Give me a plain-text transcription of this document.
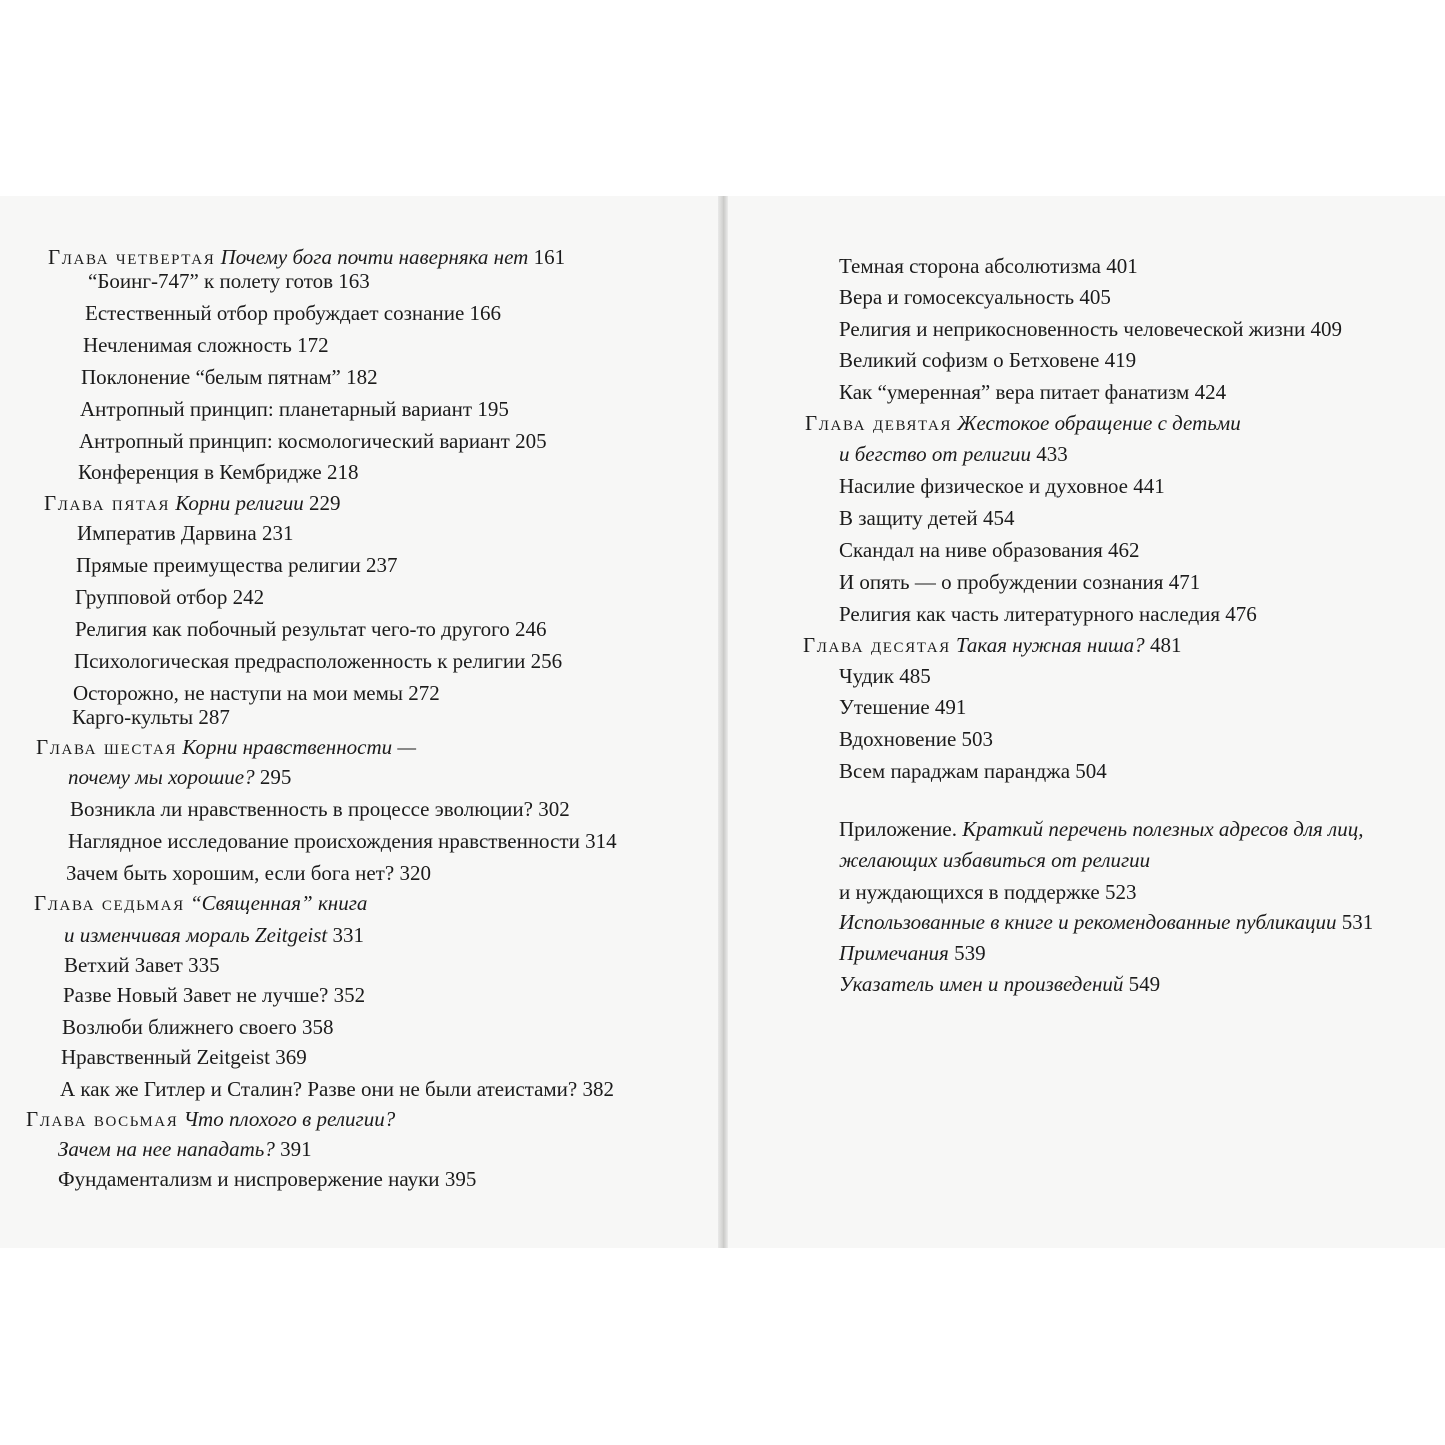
Глава четвертая Почему бога почти наверняка нет 161
“Боинг-747” к полету готов 163
Естественный отбор пробуждает сознание 166
Нечленимая сложность 172
Поклонение “белым пятнам” 182
Антропный принцип: планетарный вариант 195
Антропный принцип: космологический вариант 205
Конференция в Кембридже 218
Глава пятая Корни религии 229
Императив Дарвина 231
Прямые преимущества религии 237
Групповой отбор 242
Религия как побочный результат чего-то другого 246
Психологическая предрасположенность к религии 256
Осторожно, не наступи на мои мемы 272
Карго-культы 287
Глава шестая Корни нравственности —
почему мы хорошие? 295
Возникла ли нравственность в процессе эволюции? 302
Наглядное исследование происхождения нравственности 314
Зачем быть хорошим, если бога нет? 320
Глава седьмая “Священная” книга
и изменчивая мораль Zeitgeist 331
Ветхий Завет 335
Разве Новый Завет не лучше? 352
Возлюби ближнего своего 358
Нравственный Zeitgeist 369
А как же Гитлер и Сталин? Разве они не были атеистами? 382
Глава восьмая Что плохого в религии?
Зачем на нее нападать? 391
Фундаментализм и ниспровержение науки 395
Темная сторона абсолютизма 401
Вера и гомосексуальность 405
Религия и неприкосновенность человеческой жизни 409
Великий софизм о Бетховене 419
Как “умеренная” вера питает фанатизм 424
Глава девятая Жестокое обращение с детьми
и бегство от религии 433
Насилие физическое и духовное 441
В защиту детей 454
Скандал на ниве образования 462
И опять — о пробуждении сознания 471
Религия как часть литературного наследия 476
Глава десятая Такая нужная ниша? 481
Чудик 485
Утешение 491
Вдохновение 503
Всем параджам паранджа 504
Приложение. Краткий перечень полезных адресов для лиц,
желающих избавиться от религии
и нуждающихся в поддержке 523
Использованные в книге и рекомендованные публикации 531
Примечания 539
Указатель имен и произведений 549
